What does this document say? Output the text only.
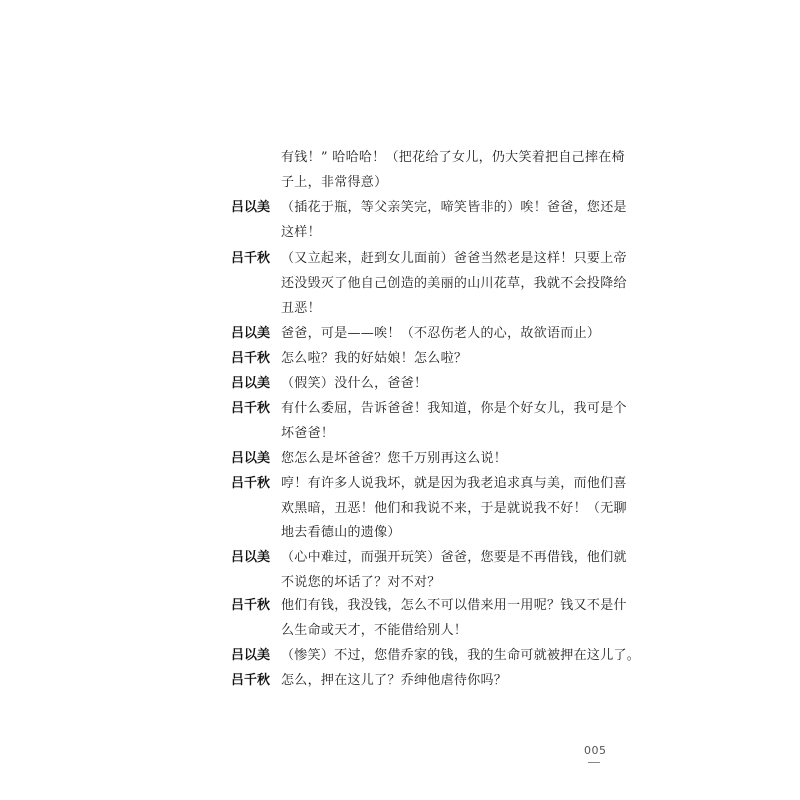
有钱！” 哈哈哈！（把花给了女儿，仍大笑着把自己摔在椅
子上，非常得意）
吕以美 （插花于瓶，等父亲笑完，啼笑皆非的）唉！爸爸，您还是
这样！
吕千秋 （又立起来，赶到女儿面前）爸爸当然老是这样！只要上帝
还没毁灭了他自己创造的美丽的山川花草，我就不会投降给
丑恶！
吕以美 爸爸，可是——唉！（不忍伤老人的心，故欲语而止）
吕千秋 怎么啦？我的好姑娘！怎么啦？
吕以美 （假笑）没什么，爸爸！
吕千秋 有什么委屈，告诉爸爸！我知道，你是个好女儿，我可是个
坏爸爸！
吕以美 您怎么是坏爸爸？您千万别再这么说！
吕千秋 哼！有许多人说我坏，就是因为我老追求真与美，而他们喜
欢黑暗，丑恶！他们和我说不来，于是就说我不好！（无聊
地去看德山的遗像）
吕以美 （心中难过，而强开玩笑）爸爸，您要是不再借钱，他们就
不说您的坏话了？对不对？
吕千秋 他们有钱，我没钱，怎么不可以借来用一用呢？钱又不是什
么生命或天才，不能借给别人！
吕以美 （惨笑）不过，您借乔家的钱，我的生命可就被押在这儿了。
吕千秋 怎么，押在这儿了？乔绅他虐待你吗？
005
